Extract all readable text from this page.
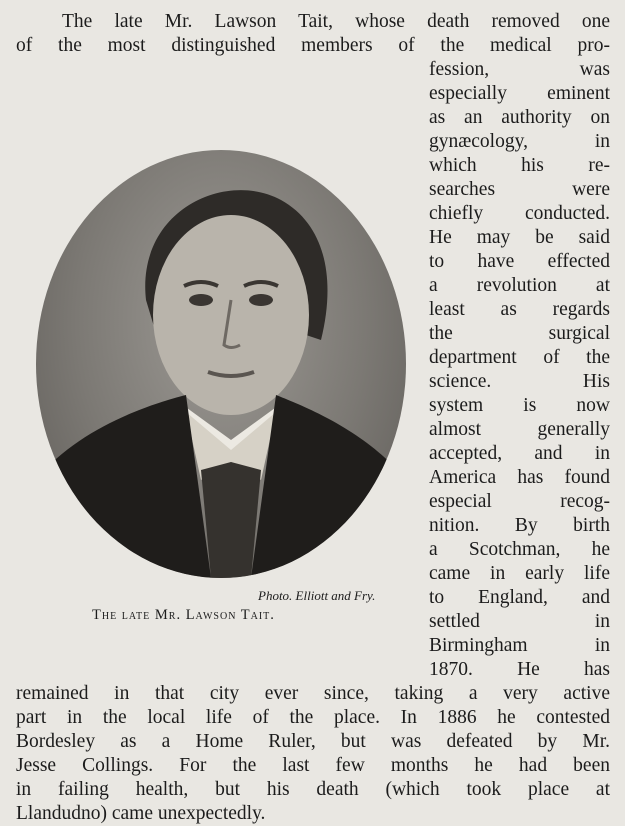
The late Mr. Lawson Tait, whose death removed one
of the most distinguished members of the medical pro-
fession, was
especially eminent
as an authority on
gynæcology, in
which his re-
searches were
chiefly conducted.
He may be said
to have effected
a revolution at
least as regards
the surgical
department of the
science. His
system is now
almost generally
accepted, and in
America has found
especial recog-
nition. By birth
a Scotchman, he
came in early life
to England, and
settled in
Birmingham in
1870. He has
remained in that city ever since, taking a very active
part in the local life of the place. In 1886 he contested
Bordesley as a Home Ruler, but was defeated by Mr.
Jesse Collings. For the last few months he had been
in failing health, but his death (which took place at
Llandudno) came unexpectedly.
Photo. Elliott and Fry.
The late Mr. Lawson Tait.
